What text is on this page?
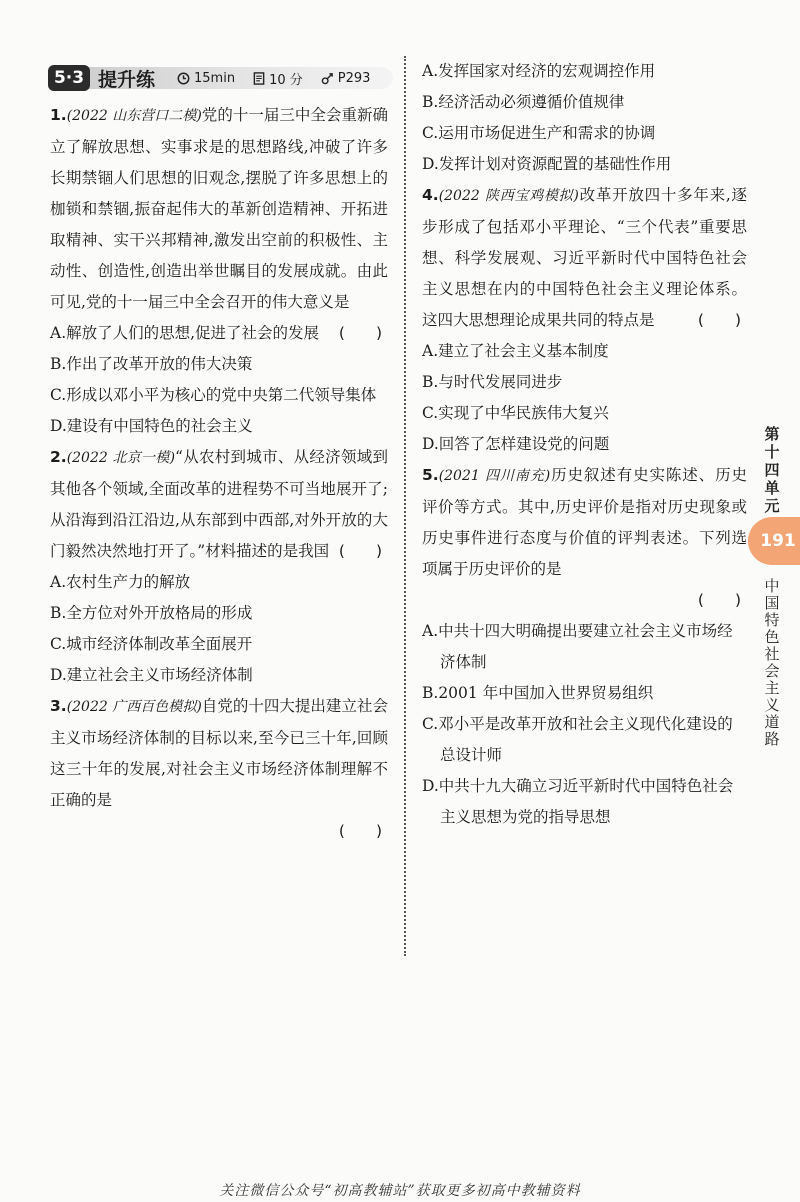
5·3 提升练	15min	10 分	P293
1.(2022 山东营口二模)党的十一届三中全会重新确立了解放思想、实事求是的思想路线,冲破了许多长期禁锢人们思想的旧观念,摆脱了许多思想上的枷锁和禁锢,振奋起伟大的革新创造精神、开拓进取精神、实干兴邦精神,激发出空前的积极性、主动性、创造性,创造出举世瞩目的发展成就。由此可见,党的十一届三中全会召开的伟大意义是
(　　)
A.解放了人们的思想,促进了社会的发展
B.作出了改革开放的伟大决策
C.形成以邓小平为核心的党中央第二代领导集体
D.建设有中国特色的社会主义
2.(2022 北京一模)“从农村到城市、从经济领域到其他各个领域,全面改革的进程势不可当地展开了;从沿海到沿江沿边,从东部到中西部,对外开放的大门毅然决然地打开了。”材料描述的是我国 (　　)
A.农村生产力的解放
B.全方位对外开放格局的形成
C.城市经济体制改革全面展开
D.建立社会主义市场经济体制
3.(2022 广西百色模拟)自党的十四大提出建立社会主义市场经济体制的目标以来,至今已三十年,回顾这三十年的发展,对社会主义市场经济体制理解不正确的是
(　　)
A.发挥国家对经济的宏观调控作用
B.经济活动必须遵循价值规律
C.运用市场促进生产和需求的协调
D.发挥计划对资源配置的基础性作用
4.(2022 陕西宝鸡模拟)改革开放四十多年来,逐步形成了包括邓小平理论、“三个代表”重要思想、科学发展观、习近平新时代中国特色社会主义思想在内的中国特色社会主义理论体系。这四大思想理论成果共同的特点是	(　　)
A.建立了社会主义基本制度
B.与时代发展同进步
C.实现了中华民族伟大复兴
D.回答了怎样建设党的问题
5.(2021 四川南充)历史叙述有史实陈述、历史评价等方式。其中,历史评价是指对历史现象或历史事件进行态度与价值的评判表述。下列选项属于历史评价的是
(　　)
A.中共十四大明确提出要建立社会主义市场经济体制
B.2001 年中国加入世界贸易组织
C.邓小平是改革开放和社会主义现代化建设的总设计师
D.中共十九大确立习近平新时代中国特色社会主义思想为党的指导思想
第十四单元
191
中国特色社会主义道路
关注微信公众号“初高教辅站”获取更多初高中教辅资料
